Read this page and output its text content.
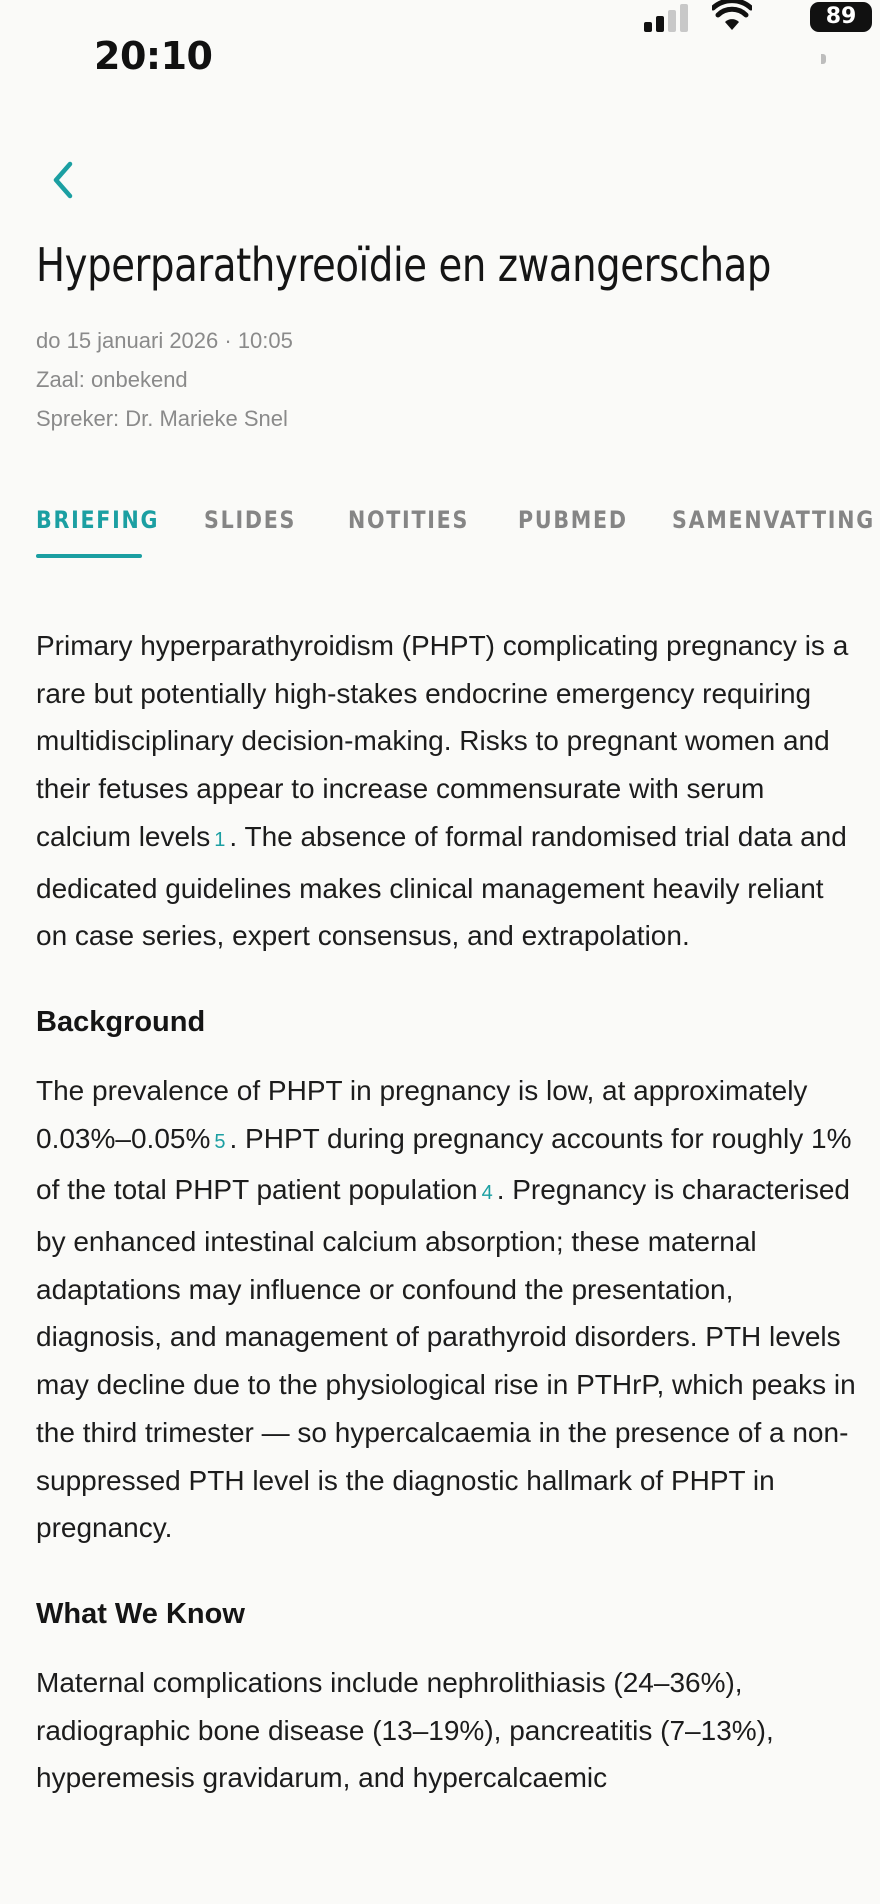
20:10
89
Hyperparathyreoïdie en zwangerschap
do 15 januari 2026 · 10:05
Zaal: onbekend
Spreker: Dr. Marieke Snel
BRIEFING SLIDES NOTITIES PUBMED SAMENVATTING

Primary hyperparathyroidism (PHPT) complicating pregnancy is a rare but potentially high-stakes endocrine emergency requiring multidisciplinary decision-making. Risks to pregnant women and their fetuses appear to increase commensurate with serum calcium levels 1 . The absence of formal randomised trial data and dedicated guidelines makes clinical management heavily reliant on case series, expert consensus, and extrapolation.

Background

The prevalence of PHPT in pregnancy is low, at approximately 0.03%–0.05% 5 . PHPT during pregnancy accounts for roughly 1% of the total PHPT patient population 4 . Pregnancy is characterised by enhanced intestinal calcium absorption; these maternal adaptations may influence or confound the presentation, diagnosis, and management of parathyroid disorders. PTH levels may decline due to the physiological rise in PTHrP, which peaks in the third trimester — so hypercalcaemia in the presence of a non-suppressed PTH level is the diagnostic hallmark of PHPT in pregnancy.

What We Know

Maternal complications include nephrolithiasis (24–36%), radiographic bone disease (13–19%), pancreatitis (7–13%), hyperemesis gravidarum, and hypercalcaemic
